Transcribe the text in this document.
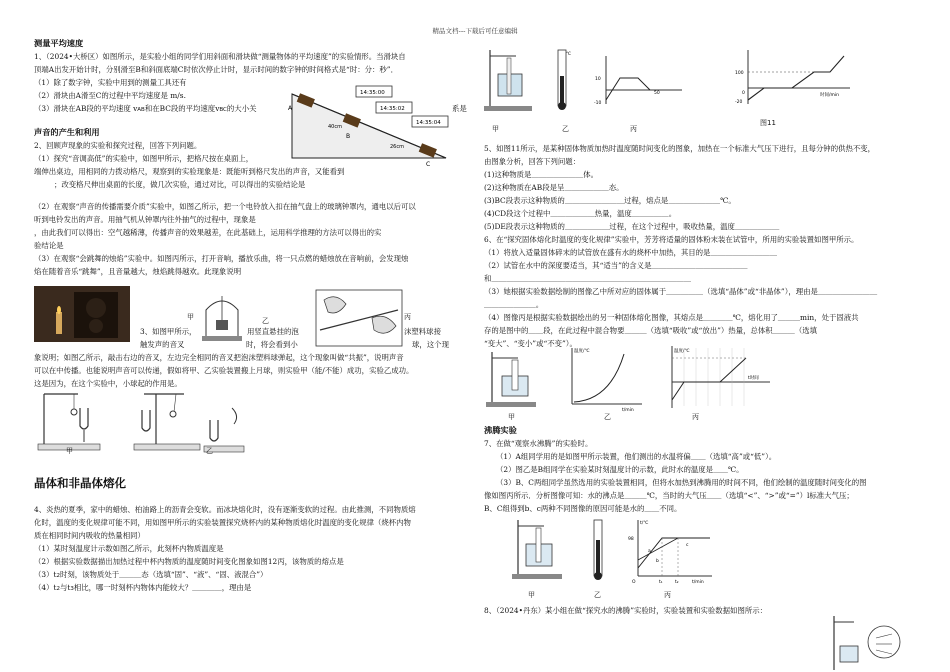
精品文档---下载后可任意编辑
测量平均速度
1、（2024•大桥区）如图所示，是实验小组的同学们用斜面和滑块做“测量物体的平均速度”的实验情形。当滑块自
顶端A出发开始计时，分别滑至B和斜面底端C时依次停止计时，显示时间的数字钟的时间格式是“时：分：秒”．
（1）除了数字钟，实验中用到的测量工具还有
（2）滑块由A滑至C的过程中平均速度是 m/s.
（3）滑块在AB段的平均速度 vAB和在BC段的平均速度vBC的大小关	系是
14:35:00
14:35:02
14:35:04
A
B
C
40cm
26cm
声音的产生和利用
2、回顾声现象的实验和探究过程，回答下列问题。
（1）探究“音调高低”的实验中，如图甲所示，把格尺按在桌面上，
端伸出桌边，用相同的力拨动格尺，观察到的实验现象是：既能听到格尺发出的声音，又能看到
；改变格尺伸出桌面的长度，做几次实验，通过对比，可以得出的实验结论是
（2）在观察“声音的传播需要介质”实验中，如图乙所示，把一个电铃放入扣在抽气盘上的玻璃钟罩内，通电以后可以
听到电铃发出的声音。用抽气机从钟罩内往外抽气的过程中，现象是
，由此我们可以得出：空气越稀薄，传播声音的效果越差，在此基础上，运用科学推理的方法可以得出的实
验结论是
（3）在观察“会跳舞的烛焰”实验中。如图丙所示，打开音响，播放乐曲，将一只点燃的蜡烛放在音响前，会发现烛
焰在随着音乐“跳舞”，且音量越大，烛焰跳得越欢。此现象说明
甲	乙	丙
3、如图甲所示，	用竖直悬挂的泡	沫塑料球接
触发声的音叉	时，将会看到小	球，这个现
象说明；如图乙所示，敲击右边的音叉，左边完全相同的音叉把泡沫塑料球弹起，这个现象叫做“共振”，说明声音
可以在中传播。也能说明声音可以传递，假如将甲、乙实验装置搬上月球，则实验甲（能/不能）成功，实验乙成功。
这是因为，在这个实验中，小球起的作用是。
甲	乙
晶体和非晶体熔化
4、炎热的夏季，家中的蜡烛、柏油路上的沥青会变软。而冰块熔化时，没有逐渐变软的过程。由此推测，不同物质熔
化时，温度的变化规律可能不同，用如图甲所示的实验装置探究烧杯内的某种物质熔化时温度的变化规律（烧杯内物
质在相同时间内吸收的热量相同）
（1）某时刻温度计示数如图乙所示，此刻杯内物质温度是
（2）根据实验数据描出加热过程中杯内物质的温度随时间变化图象如图12丙，该物质的熔点是
（3）t2时刻，该物质处于＿＿＿态（选填“固”、“液”、“固、液混合”）
（4）t2与t3相比，哪一时刻杯内物体内能较大？＿＿＿＿，理由是
℃
10
50
-10
甲	乙	丙
100
-20
0	时间/min
图11
5、如图11所示，是某种固体物质加热时温度随时间变化的图象，加热在一个标准大气压下进行，且每分钟的供热不变，
由图象分析，回答下列问题：
(1)这种物质是＿＿＿＿＿＿＿体。
(2)这种物质在AB段是呈＿＿＿＿＿＿态。
(3)BC段表示这种物质的＿＿＿＿＿＿＿＿过程，熔点是＿＿＿＿＿＿＿℃。
(4)CD段这个过程中＿＿＿＿＿＿热量，温度＿＿＿＿＿。
(5)DE段表示这种物质的＿＿＿＿＿＿过程，在这个过程中，吸收热量，温度＿＿＿＿＿＿
6、在“探究固体熔化时温度的变化规律”实验中，芳芳将适量的固体粉末装在试管中，所用的实验装置如图甲所示。
（1）将放入适量固体碎末的试管放在盛有水的烧杯中加热，其目的是＿＿＿＿＿＿＿＿＿
（2）试管在水中的深度要适当，其“适当”的含义是＿＿＿＿＿＿＿＿＿＿＿＿＿
和＿＿＿＿＿＿＿＿＿＿＿＿＿＿＿＿＿＿＿＿＿＿＿＿＿＿＿
（3）她根据实验数据绘制的图像乙中所对应的固体属于＿＿＿＿＿（选填“晶体”或“非晶体”），理由是＿＿＿＿＿＿＿＿
＿＿＿＿＿＿＿。
（4）图像丙是根据实验数据绘出的另一种固体熔化图像，其熔点是＿＿＿＿℃，熔化用了＿＿＿min，处于固液共
存的是图中的＿＿段，在此过程中混合物要＿＿＿（选填“吸收”或“放出”）热量，总体积＿＿＿（选填
“变大”、“变小”或“不变”）。
温度/℃
t/min
温度/℃
t时间
甲	乙	丙
沸腾实验
7、在做“观察水沸腾”的实验时。
（1）A组同学用的是如图甲所示装置，他们测出的水温将偏＿＿（选填“高”或“低”）。
（2）图乙是B组同学在实验某时刻温度计的示数，此时水的温度是＿＿℃。
（3）B、C两组同学虽然选用的实验装置相同，但将水加热到沸腾用的时间不同，他们绘制的温度随时间变化的图
像如图丙所示．分析图像可知：水的沸点是＿＿＿℃，当时的大气压＿＿（选填“<”、“>”或“=”）l标准大气压；
B、C组得到b、c两种不同图像的原因可能是水的＿＿不同。
t/℃
98
O	t₁	t₂	t/min
a
b
c
甲	乙	丙
8、（2024•丹东）某小组在做“探究水的沸腾”实验时，实验装置和实验数据如图所示：
